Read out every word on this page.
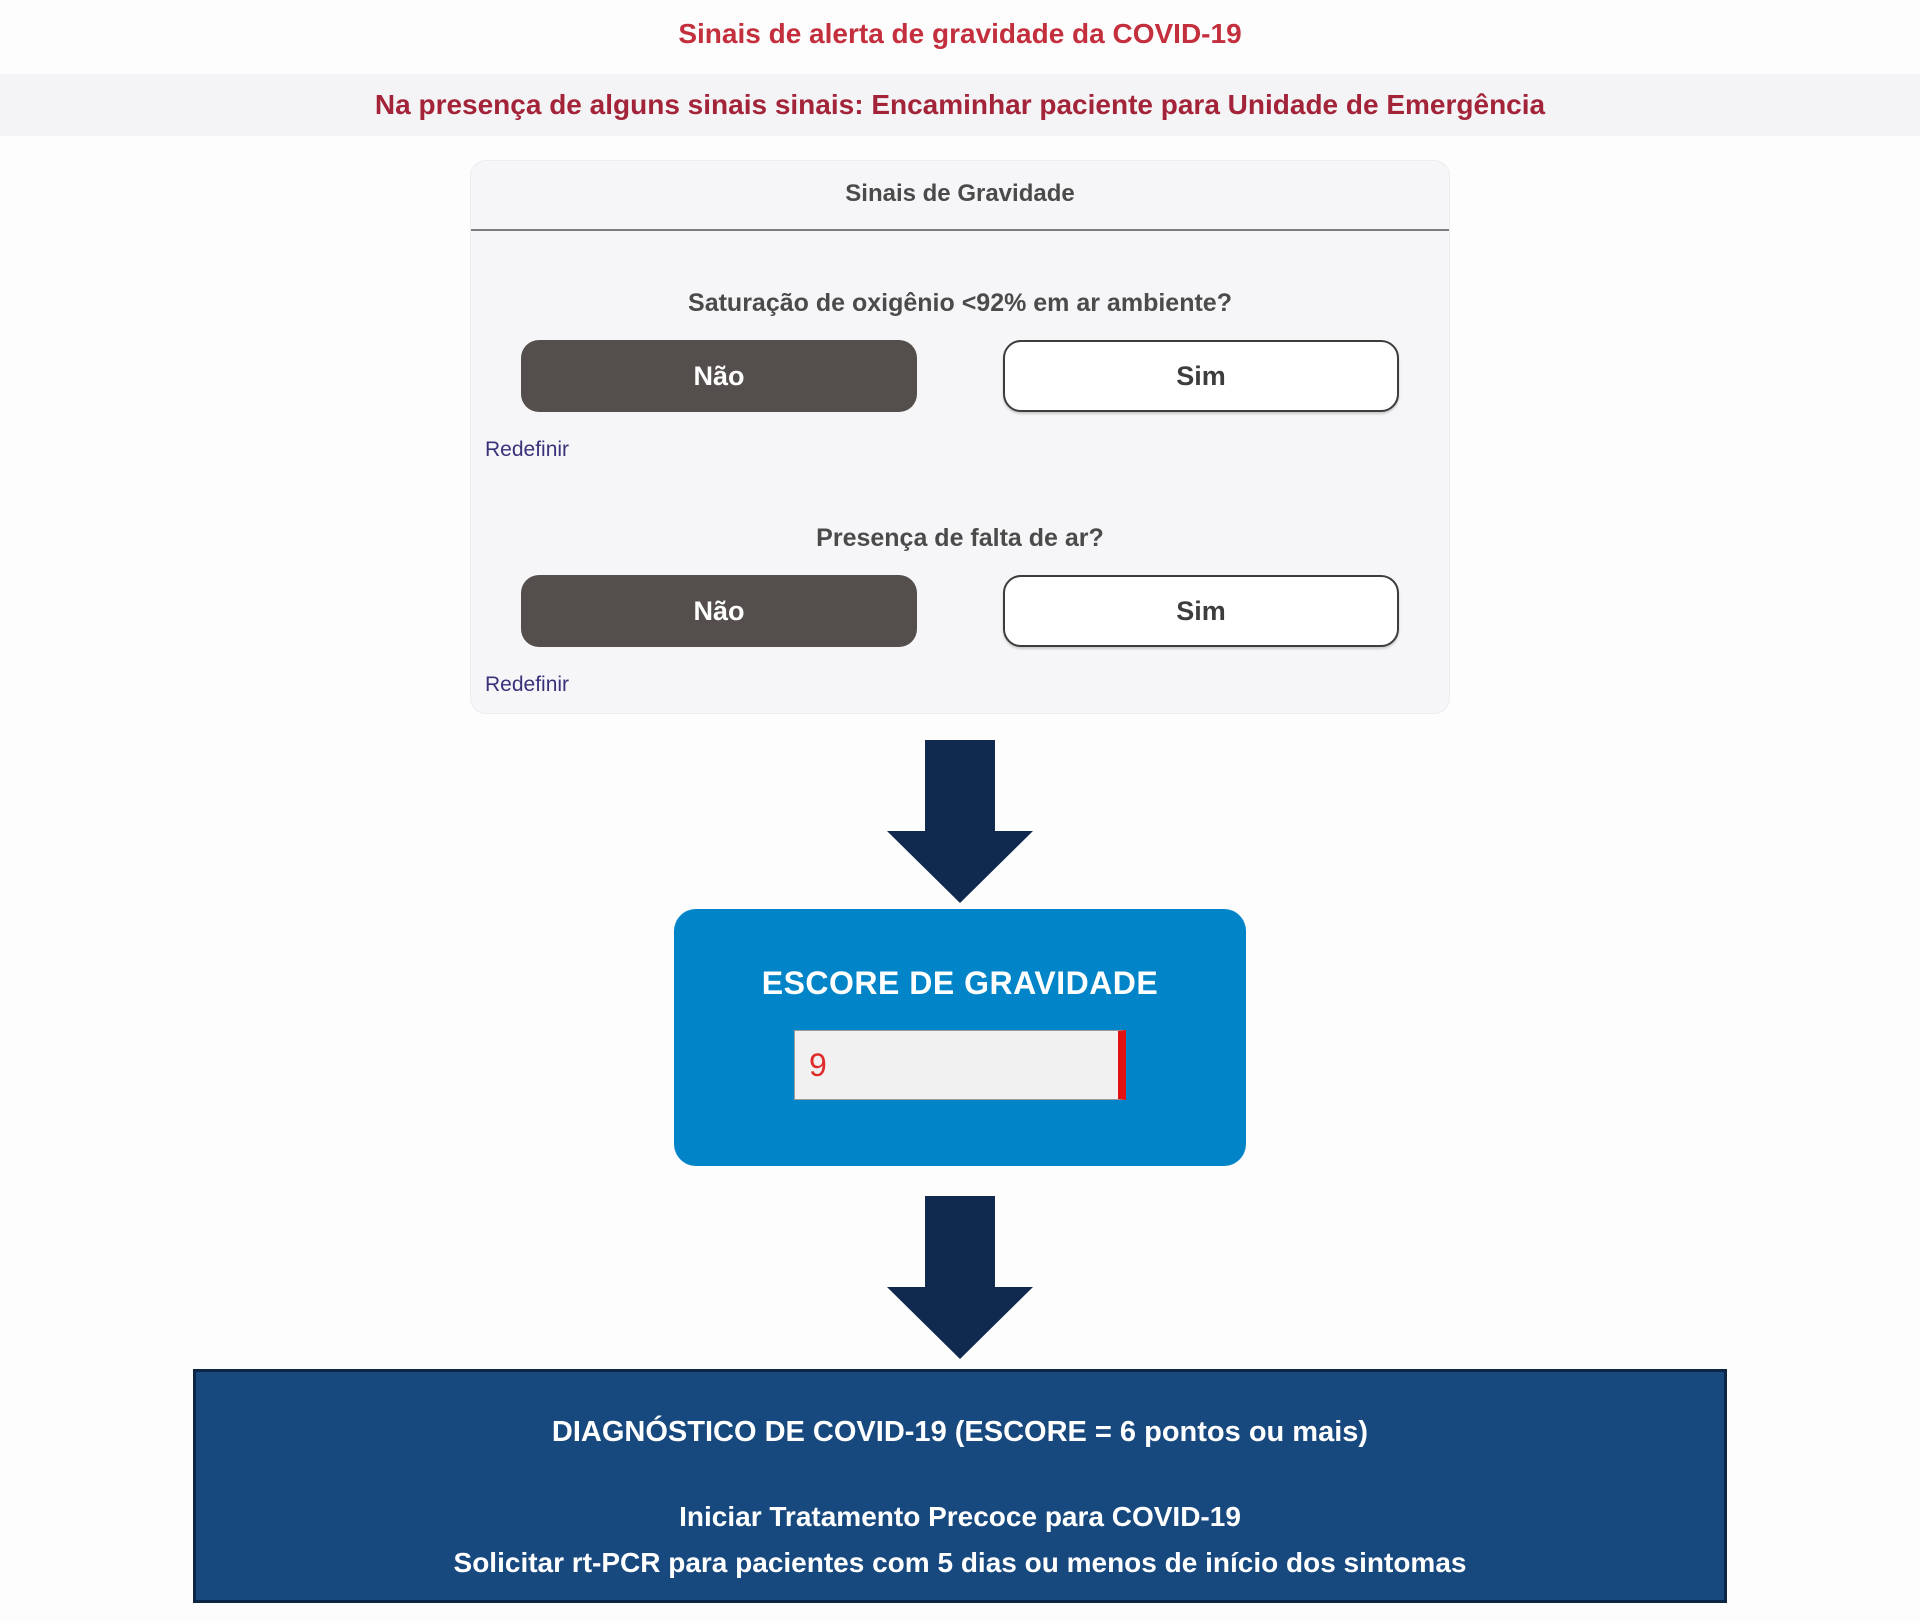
Sinais de alerta de gravidade da COVID-19
Na presença de alguns sinais sinais: Encaminhar paciente para Unidade de Emergência
Sinais de Gravidade
Saturação de oxigênio <92% em ar ambiente?
Não	Sim
Redefinir
Presença de falta de ar?
Não	Sim
Redefinir
ESCORE DE GRAVIDADE
9
DIAGNÓSTICO DE COVID-19 (ESCORE = 6 pontos ou mais)
Iniciar Tratamento Precoce para COVID-19
Solicitar rt-PCR para pacientes com 5 dias ou menos de início dos sintomas
